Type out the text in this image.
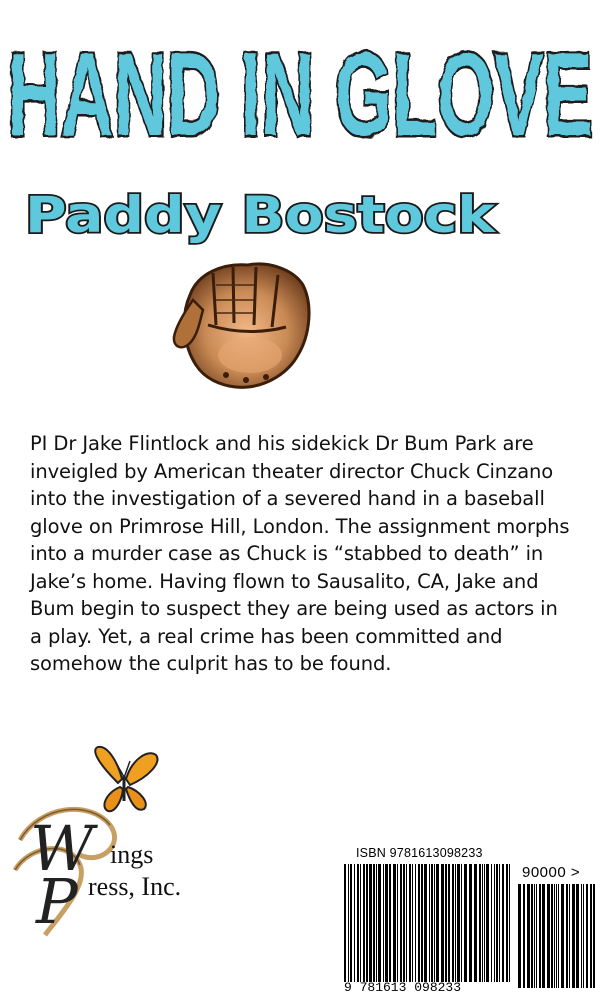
HAND IN GLOVE
Paddy Bostock

PI Dr Jake Flintlock and his sidekick Dr Bum Park are inveigled by American theater director Chuck Cinzano into the investigation of a severed hand in a baseball glove on Primrose Hill, London. The assignment morphs into a murder case as Chuck is “stabbed to death” in Jake’s home. Having flown to Sausalito, CA, Jake and Bum begin to suspect they are being used as actors in a play. Yet, a real crime has been committed and somehow the culprit has to be found.

W
P
ings
ress, Inc.
ISBN 9781613098233
90000 >
9 781613 098233
